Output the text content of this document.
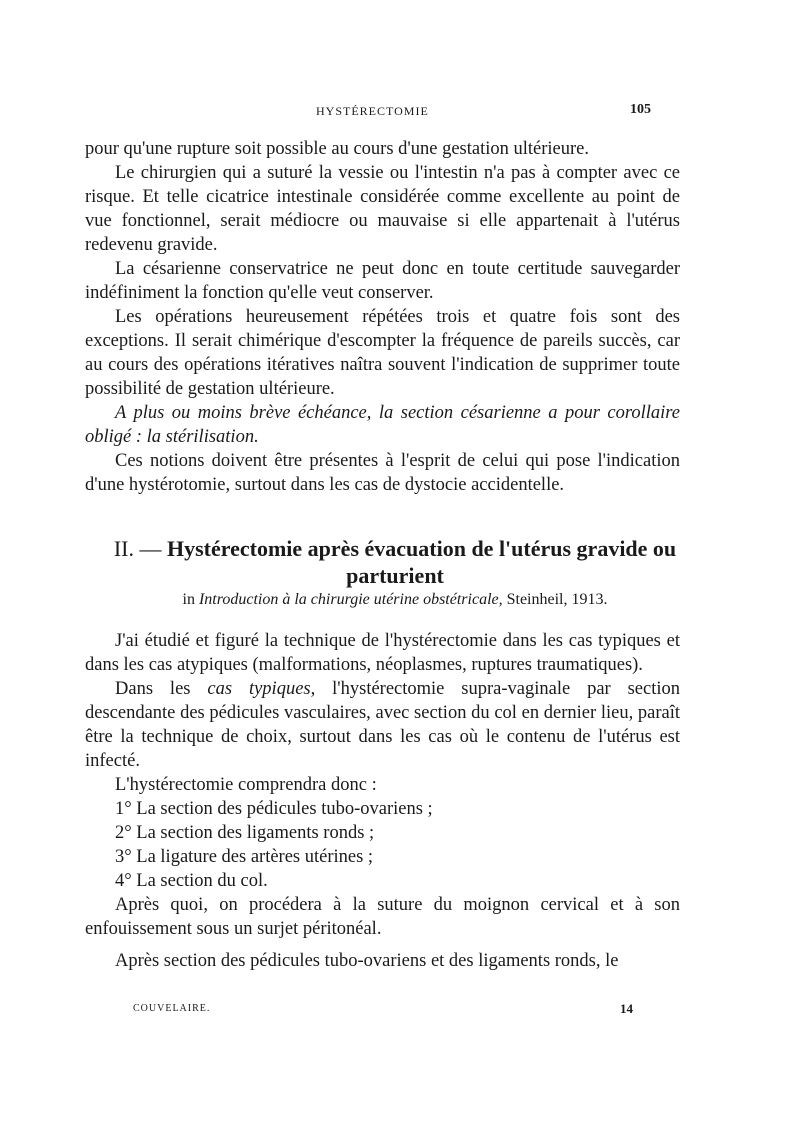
HYSTÉRECTOMIE	105

pour qu'une rupture soit possible au cours d'une gestation ultérieure.

Le chirurgien qui a suturé la vessie ou l'intestin n'a pas à compter avec ce risque. Et telle cicatrice intestinale considérée comme excellente au point de vue fonctionnel, serait médiocre ou mauvaise si elle appartenait à l'utérus redevenu gravide.

La césarienne conservatrice ne peut donc en toute certitude sauvegarder indéfiniment la fonction qu'elle veut conserver.

Les opérations heureusement répétées trois et quatre fois sont des exceptions. Il serait chimérique d'escompter la fréquence de pareils succès, car au cours des opérations itératives naîtra souvent l'indication de supprimer toute possibilité de gestation ultérieure.

A plus ou moins brève échéance, la section césarienne a pour corollaire obligé : la stérilisation.

Ces notions doivent être présentes à l'esprit de celui qui pose l'indication d'une hystérotomie, surtout dans les cas de dystocie accidentelle.

II. — Hystérectomie après évacuation de l'utérus gravide ou parturient
in Introduction à la chirurgie utérine obstétricale, Steinheil, 1913.

J'ai étudié et figuré la technique de l'hystérectomie dans les cas typiques et dans les cas atypiques (malformations, néoplasmes, ruptures traumatiques).

Dans les cas typiques, l'hystérectomie supra-vaginale par section descendante des pédicules vasculaires, avec section du col en dernier lieu, paraît être la technique de choix, surtout dans les cas où le contenu de l'utérus est infecté.

L'hystérectomie comprendra donc :

1° La section des pédicules tubo-ovariens ;

2° La section des ligaments ronds ;

3° La ligature des artères utérines ;

4° La section du col.

Après quoi, on procédera à la suture du moignon cervical et à son enfouissement sous un surjet péritonéal.

Après section des pédicules tubo-ovariens et des ligaments ronds, le

COUVELAIRE.	14
